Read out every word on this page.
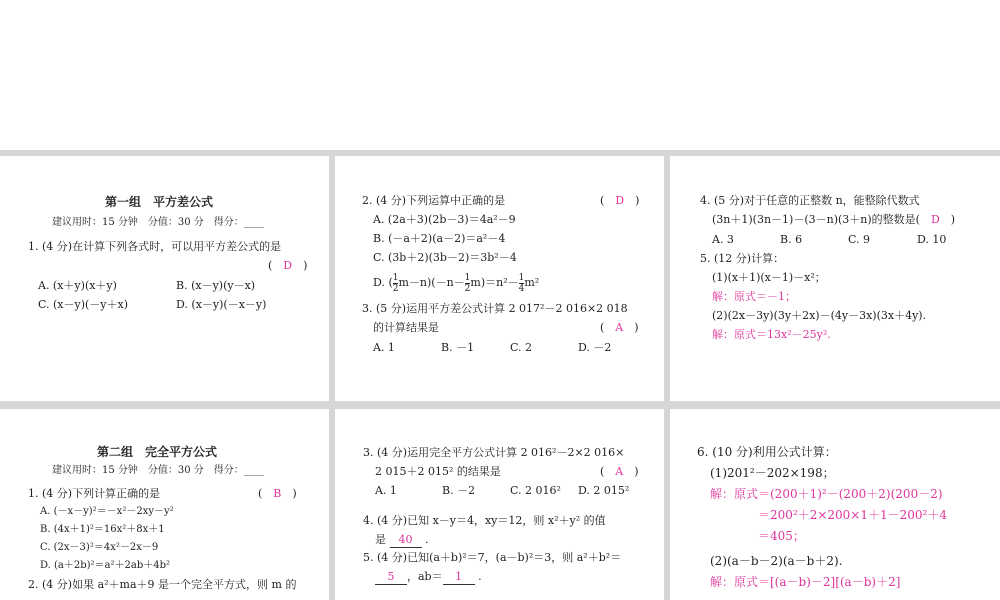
第一组　平方差公式
建议用时：15 分钟　分值：30 分　得分：____
1. (4 分)在计算下列各式时，可以用平方差公式的是
(　D　)
A. (x＋y)(x＋y)	B. (x－y)(y－x)
C. (x－y)(－y＋x)	D. (x－y)(－x－y)
2. (4 分)下列运算中正确的是	(　D　)
A. (2a＋3)(2b－3)＝4a²－9
B. (－a＋2)(a－2)＝a²－4
C. (3b＋2)(3b－2)＝3b²－4
D. ( $\frac{1}{2} m-n)(-n- \frac{1}{2} m)=n^2- \frac{1}{4} m^2$
3. (5 分)运用平方差公式计算 2 017²－2 016×2 018
的计算结果是	(　A　)
A. 1	B. －1	C. 2	D. －2
4. (5 分)对于任意的正整数 n，能整除代数式
(3n＋1)(3n－1)－(3－n)(3＋n)的整数是(　 D　)
A. 3	B. 6	C. 9	D. 10
5. (12 分)计算：
(1)(x＋1)(x－1)－x²；
解：原式＝－1；
(2)(2x－3y)(3y＋2x)－(4y－3x)(3x＋4y).
解：原式＝13x²－25y².
第二组　完全平方公式
建议用时：15 分钟　分值：30 分　得分：____
1. (4 分)下列计算正确的是	(　B　)
A. (－x－y)²＝－x²－2xy－y²
B. (4x＋1)²＝16x²＋8x＋1
C. (2x－3)²＝4x²－2x－9
D. (a＋2b)²＝a²＋2ab＋4b²
2. (4 分)如果 a²＋ma＋9 是一个完全平方式，则 m 的
3. (4 分)运用完全平方公式计算 2 016²－2×2 016×
2 015＋2 015² 的结果是	(　A　)
A. 1	B. －2	C. 2 016² D. 2 015²
4. (4 分)已知 x－y＝4，xy＝12，则 x²＋y² 的值
是 40 .
5. (4 分)已知(a＋b)²＝7，(a－b)²＝3，则 a²＋b²＝
5 ，ab＝ 1 .
6. (10 分)利用公式计算：
(1)201²－202×198；
解：原式＝(200＋1)²－(200＋2)(200－2)
＝200²＋2×200×1＋1－200²＋4
＝405；
(2)(a－b－2)(a－b＋2).
解：原式＝[(a－b)－2][(a－b)＋2]
